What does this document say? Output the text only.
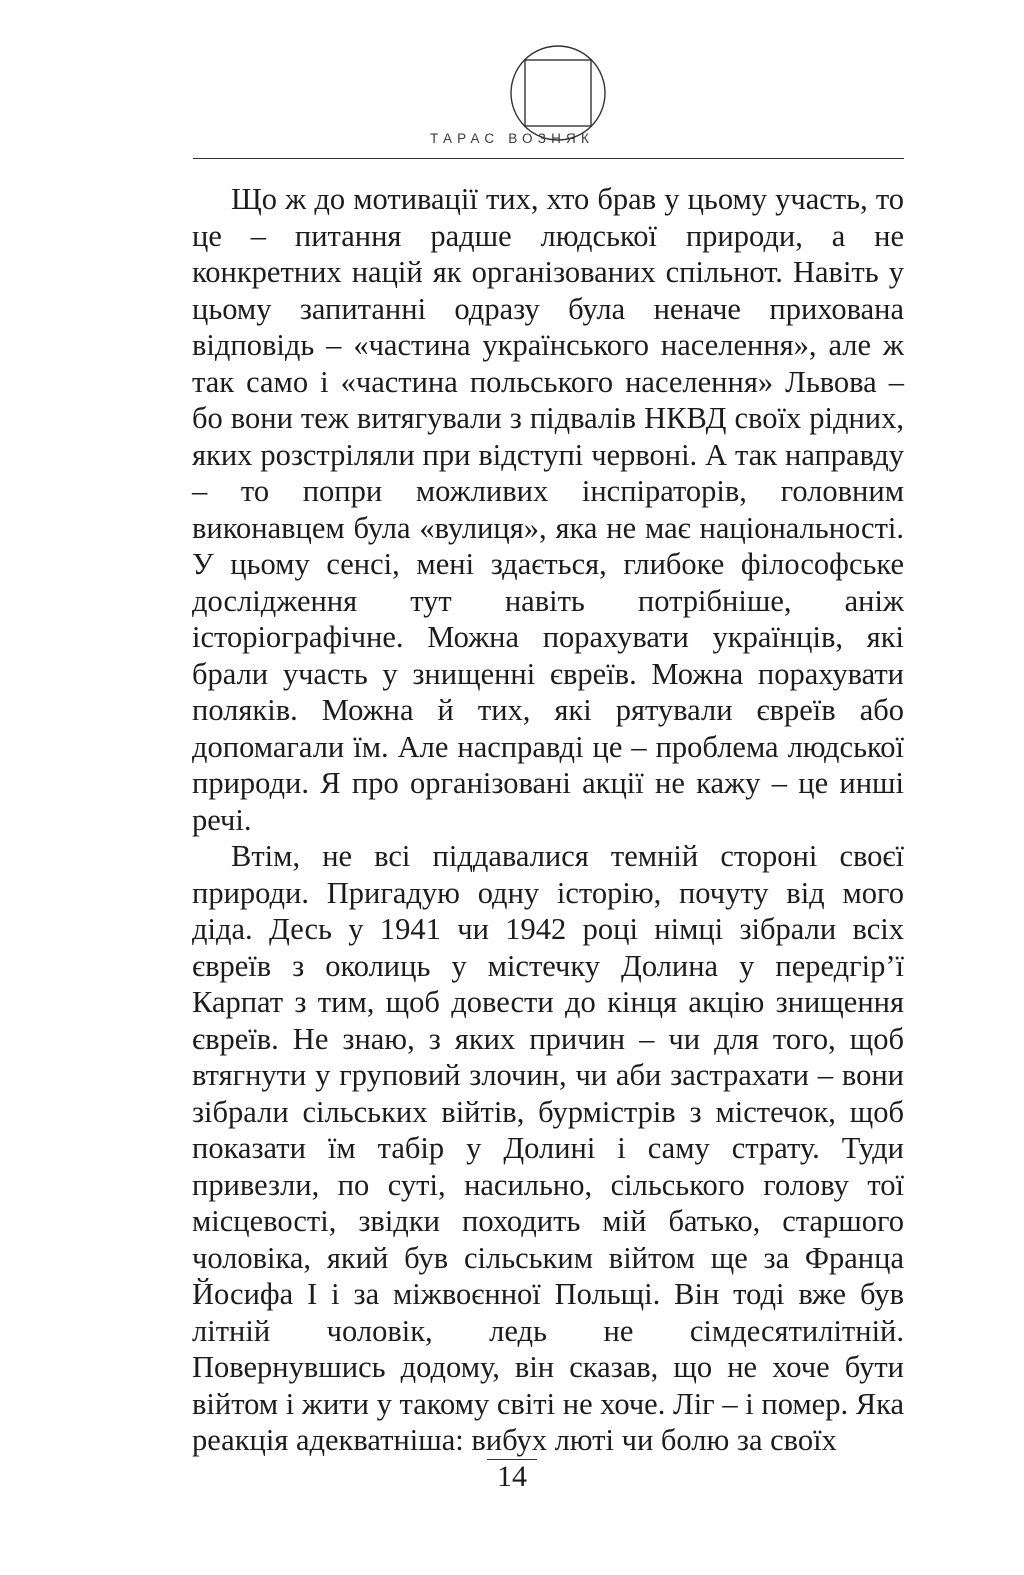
ТАРАС ВОЗНЯК

Що ж до мотивації тих, хто брав у цьому участь, то це – питання радше людської природи, а не конкретних націй як організованих спільнот. Навіть у цьому запитанні одразу була неначе прихована відповідь – «частина українського населення», але ж так само і «частина польського населення» Львова – бо вони теж витягували з підвалів НКВД своїх рідних, яких розстріляли при відступі червоні. А так направду – то попри можливих інспіраторів, головним виконавцем була «вулиця», яка не має національності. У цьому сенсі, мені здається, глибоке філософське дослідження тут навіть потрібніше, аніж історіографічне. Можна порахувати українців, які брали участь у знищенні євреїв. Можна порахувати поляків. Можна й тих, які рятували євреїв або допомагали їм. Але насправді це – проблема людської природи. Я про організовані акції не кажу – це инші речі.

Втім, не всі піддавалися темній стороні своєї природи. Пригадую одну історію, почуту від мого діда. Десь у 1941 чи 1942 році німці зібрали всіх євреїв з околиць у містечку Долина у передгір’ї Карпат з тим, щоб довести до кінця акцію знищення євреїв. Не знаю, з яких причин – чи для того, щоб втягнути у груповий злочин, чи аби застрахати – вони зібрали сільських війтів, бурмістрів з містечок, щоб показати їм табір у Долині і саму страту. Туди привезли, по суті, насильно, сільського голову тої місцевості, звідки походить мій батько, старшого чоловіка, який був сільським війтом ще за Франца Йосифа I і за міжвоєнної Польщі. Він тоді вже був літній чоловік, ледь не сімдесятилітній. Повернувшись додому, він сказав, що не хоче бути війтом і жити у такому світі не хоче. Ліг – і помер. Яка реакція адекватніша: вибух люті чи болю за своїх

14
